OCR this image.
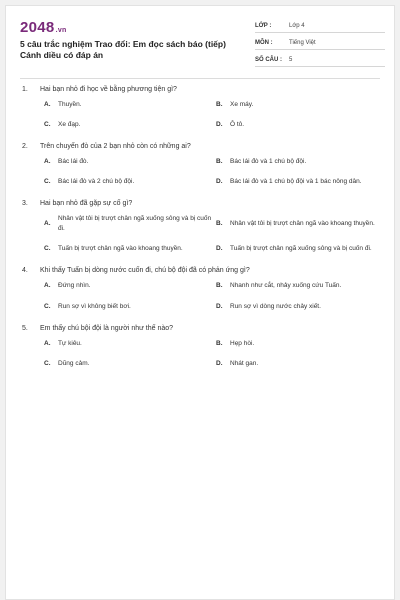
2048.vn
5 câu trắc nghiệm Trao đổi: Em đọc sách báo (tiếp) Cánh diều có đáp án
LỚP :	Lớp 4
MÔN :	Tiếng Việt
SỐ CÂU :	5
1.	Hai bạn nhỏ đi học về bằng phương tiện gì?
A.	Thuyền.	B.	Xe máy.
C.	Xe đạp.	D.	Ô tô.
2.	Trên chuyến đò của 2 bạn nhỏ còn có những ai?
A.	Bác lái đò.	B.	Bác lái đò và 1 chú bộ đội.
C.	Bác lái đò và 2 chú bộ đội.	D.	Bác lái đò và 1 chú bộ đội và 1 bác nông dân.
3.	Hai bạn nhỏ đã gặp sự cố gì?
A.
Nhân vật tôi bị trượt chân ngã xuống sông và bị cuốn đi.
B.	Nhân vật tôi bị trượt chân ngã vào khoang thuyền.
C.	Tuấn bị trượt chân ngã vào khoang thuyền.	D.	Tuấn bị trượt chân ngã xuống sông và bị cuốn đi.
4.	Khi thấy Tuấn bị dòng nước cuốn đi, chú bộ đội đã có phản ứng gì?
A.	Đứng nhìn.	B.	Nhanh như cắt, nhảy xuống cứu Tuấn.
C.	Run sợ vì không biết bơi.	D.	Run sợ vì dòng nước chảy xiết.
5.	Em thấy chú bội đội là người như thế nào?
A.	Tự kiêu.	B.	Hẹp hòi.
C.	Dũng cảm.	D.	Nhát gan.
